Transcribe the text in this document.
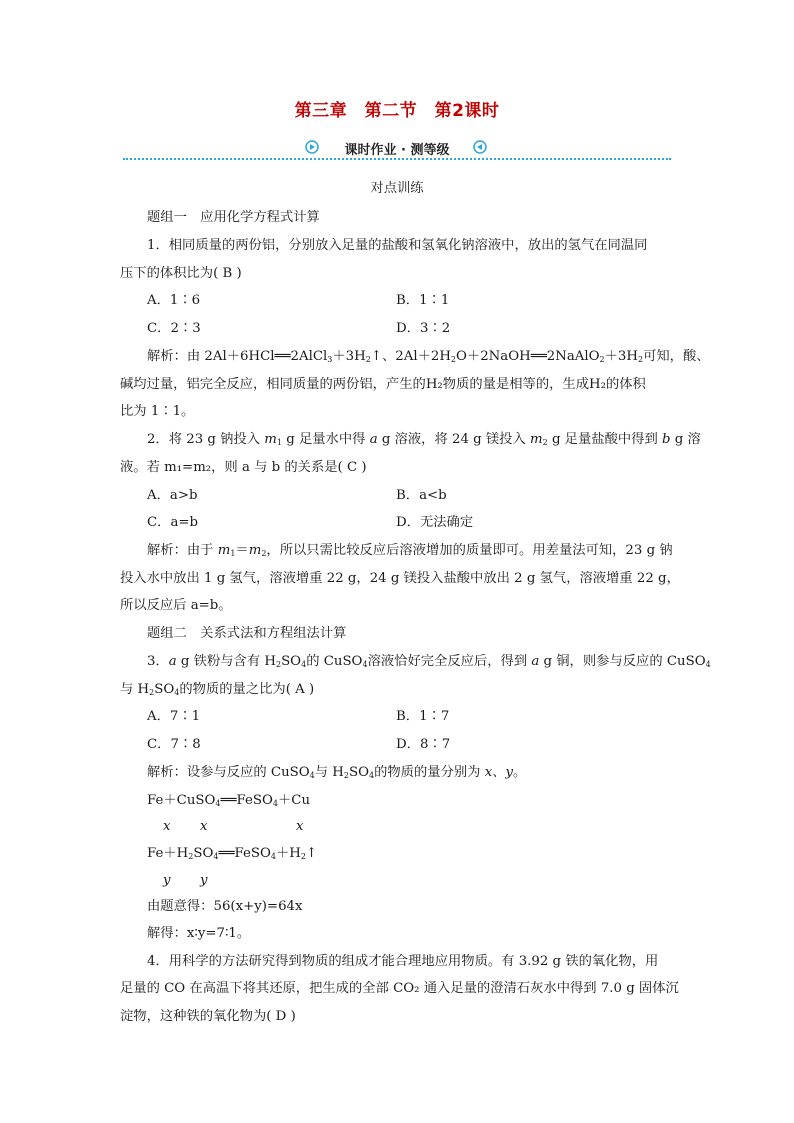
第三章　第二节　第2课时
课时作业 · 测等级
对点训练
题组一　应用化学方程式计算
1．相同质量的两份铝，分别放入足量的盐酸和氢氧化钠溶液中，放出的氢气在同温同
压下的体积比为( B )
A．1∶6	B．1∶1
C．2∶3	D．3∶2
解析：由 $2Al+6HCl══2AlCl_3+3H_2↑$、$2Al+2H_2O+2NaOH══2NaAlO_2+3H_2$可知，酸、
碱均过量，铝完全反应，相同质量的两份铝，产生的H₂物质的量是相等的，生成H₂的体积
比为 1∶1。
2．将 23 g 钠投入 $m_1$ g 足量水中得 a g 溶液，将 24 g 镁投入 $m_2$ g 足量盐酸中得到 b g 溶
液。若 m₁=m₂，则 a 与 b 的关系是( C )
A．a>b	B．a<b
C．a=b	D．无法确定
解析：由于 $m_1=m_2$，所以只需比较反应后溶液增加的质量即可。用差量法可知，23 g 钠
投入水中放出 1 g 氢气，溶液增重 22 g，24 g 镁投入盐酸中放出 2 g 氢气，溶液增重 22 g，
所以反应后 a=b。
题组二　关系式法和方程组法计算
3．a g 铁粉与含有 $H_2SO_4$的 CuSO$_4$溶液恰好完全反应后，得到 a g 铜，则参与反应的 CuSO$_4$
与 $H_2SO_4$的物质的量之比为( A )
A．7∶1	B．1∶7
C．7∶8	D．8∶7
解析：设参与反应的 CuSO$_4$与 $H_2SO_4$的物质的量分别为 x、y。
Fe＋CuSO$_4$══FeSO$_4$＋Cu
x x	x
$Fe+H_2SO_4══FeSO_4+H_2↑$
y y
由题意得：56(x+y)=64x
解得：x∶y=7∶1。
4．用科学的方法研究得到物质的组成才能合理地应用物质。有 3.92 g 铁的氧化物，用
足量的 CO 在高温下将其还原，把生成的全部 CO₂ 通入足量的澄清石灰水中得到 7.0 g 固体沉
淀物，这种铁的氧化物为( D )
